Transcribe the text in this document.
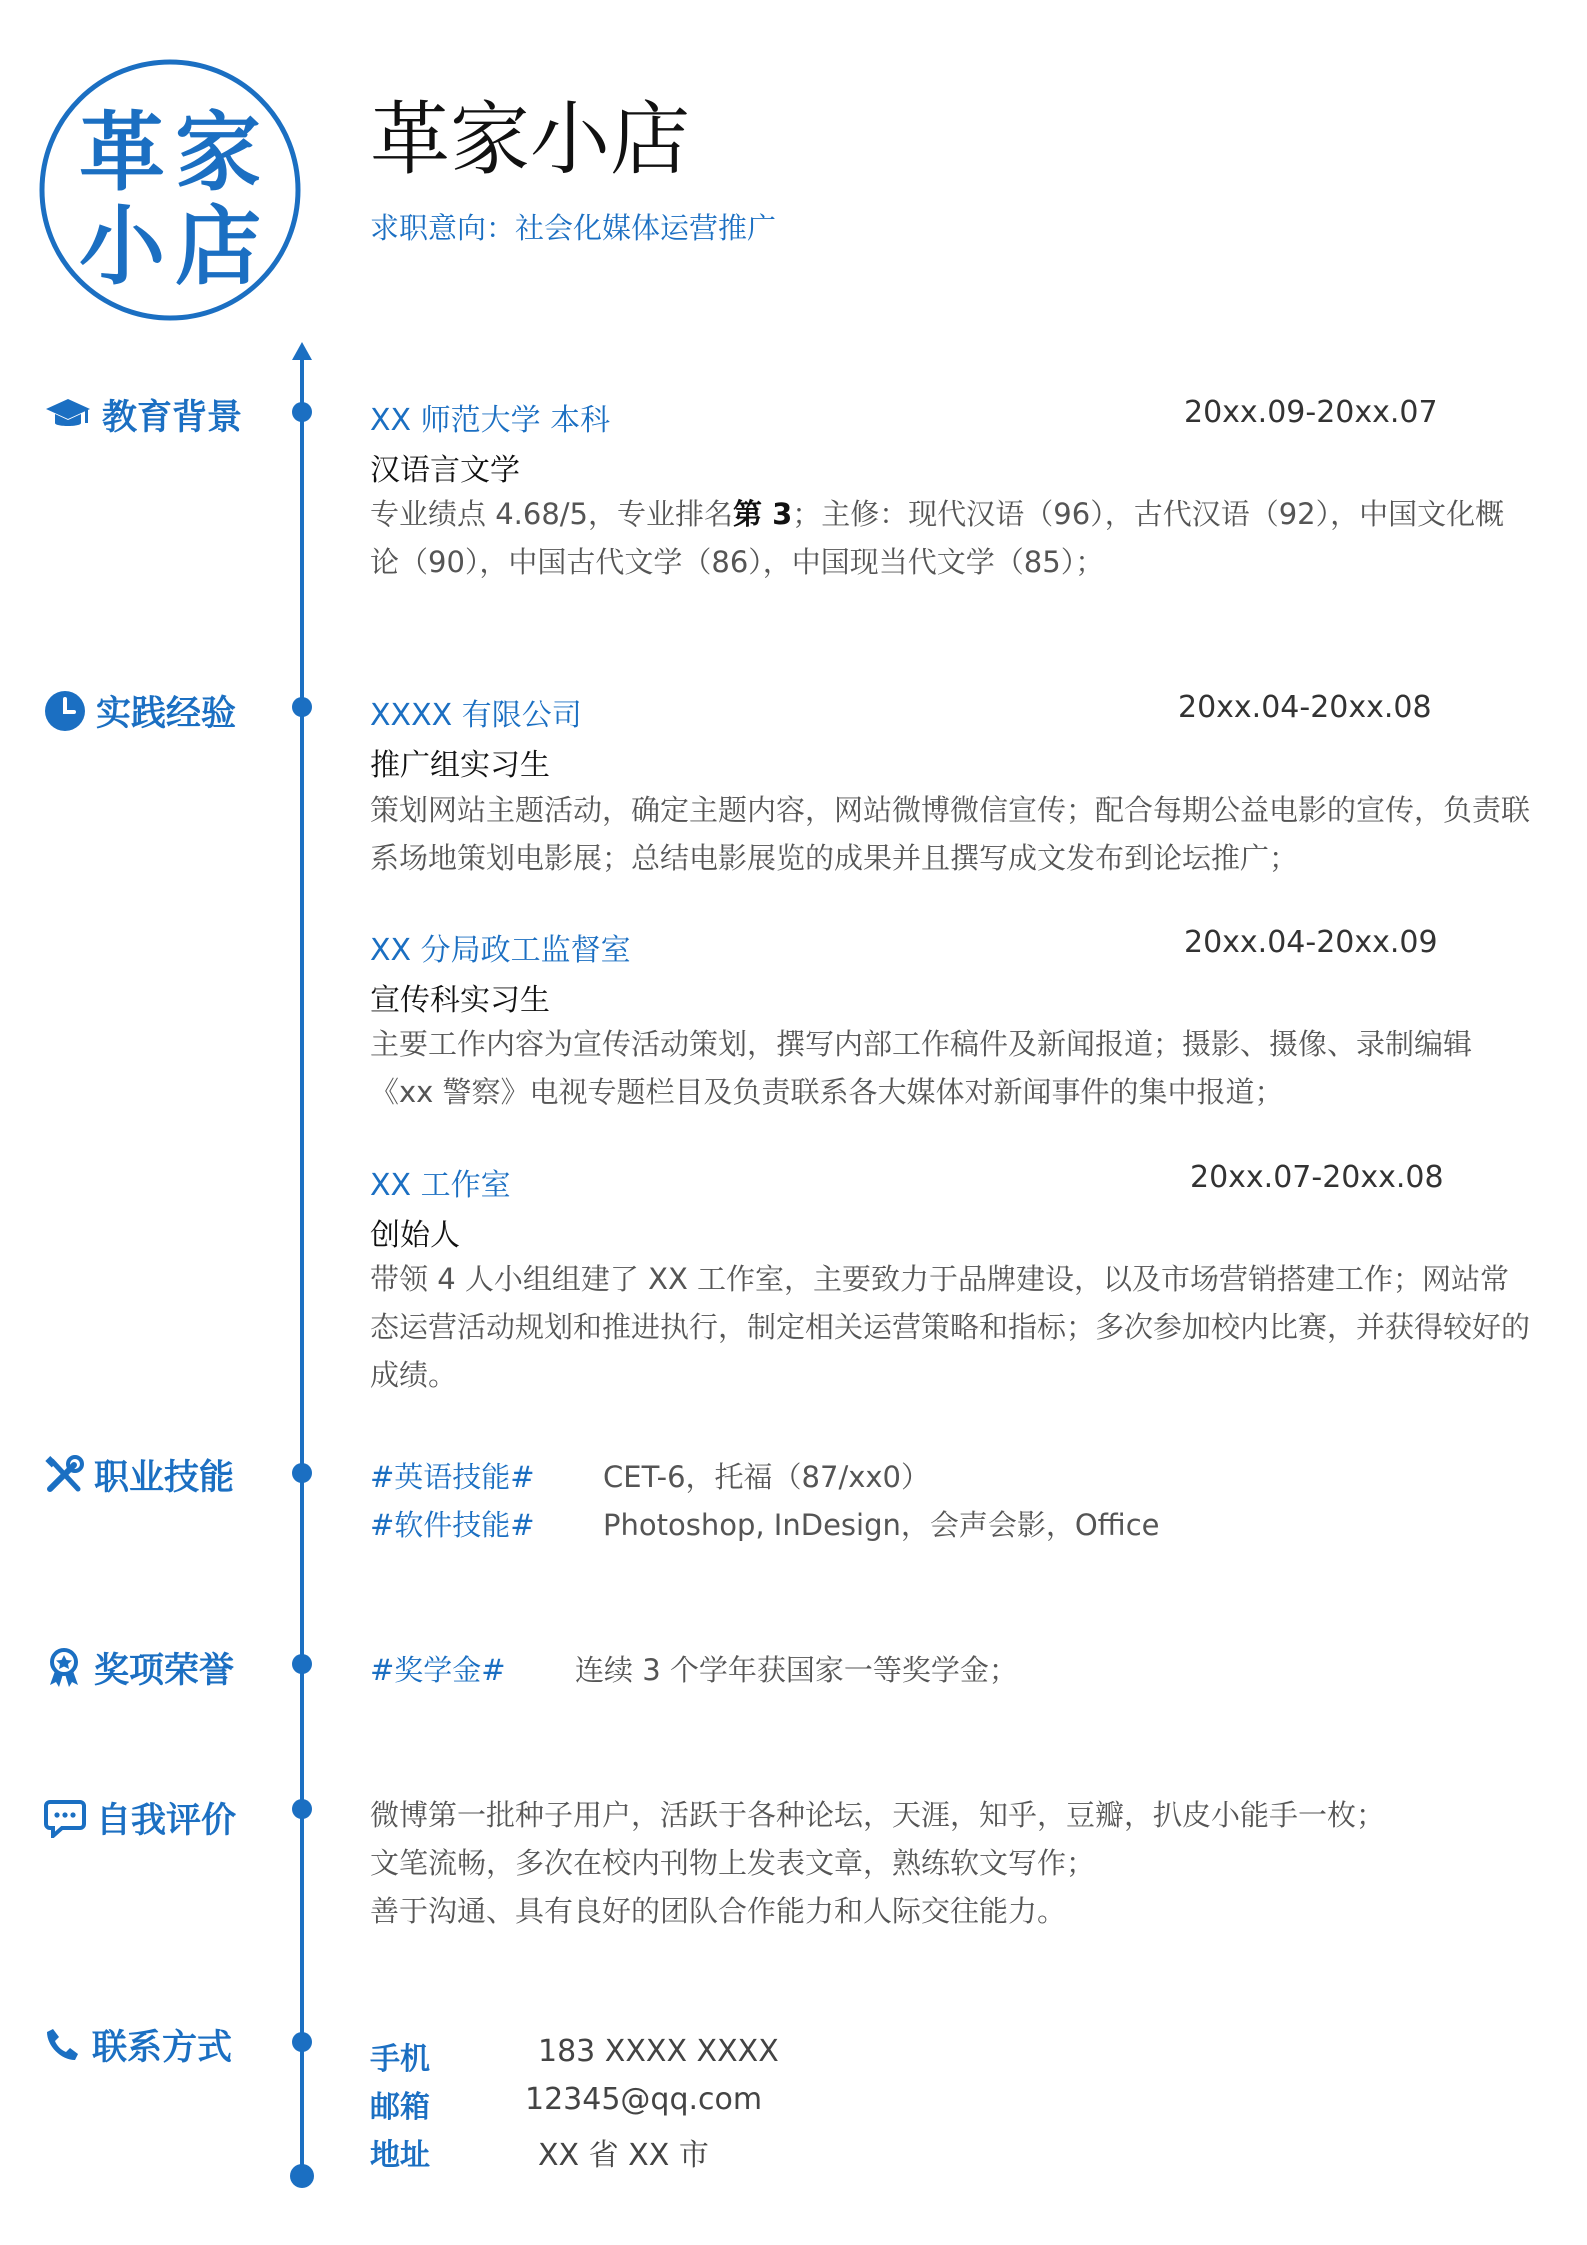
革 家
小 店
革家小店
求职意向：社会化媒体运营推广
教育背景	XX 师范大学 本科	20xx.09-20xx.07
汉语言文学
专业绩点 4.68/5，专业排名第 3；主修：现代汉语（96），古代汉语（92），中国文化概论（90），中国古代文学（86），中国现当代文学（85）；
实践经验	XXXX 有限公司	20xx.04-20xx.08
推广组实习生
策划网站主题活动，确定主题内容，网站微博微信宣传；配合每期公益电影的宣传，负责联系场地策划电影展；总结电影展览的成果并且撰写成文发布到论坛推广；
XX 分局政工监督室	20xx.04-20xx.09
宣传科实习生
主要工作内容为宣传活动策划，撰写内部工作稿件及新闻报道；摄影、摄像、录制编辑《xx 警察》电视专题栏目及负责联系各大媒体对新闻事件的集中报道；
XX 工作室	20xx.07-20xx.08
创始人
带领 4 人小组组建了 XX 工作室，主要致力于品牌建设，以及市场营销搭建工作；网站常态运营活动规划和推进执行，制定相关运营策略和指标；多次参加校内比赛，并获得较好的成绩。
职业技能	#英语技能# CET-6，托福（87/xx0）
#软件技能# Photoshop, InDesign，会声会影，Office
奖项荣誉	#奖学金# 连续 3 个学年获国家一等奖学金；
自我评价	微博第一批种子用户，活跃于各种论坛，天涯，知乎，豆瓣，扒皮小能手一枚；
文笔流畅，多次在校内刊物上发表文章，熟练软文写作；
善于沟通、具有良好的团队合作能力和人际交往能力。
联系方式	手机	183 XXXX XXXX
邮箱	12345@qq.com
地址	XX 省 XX 市
